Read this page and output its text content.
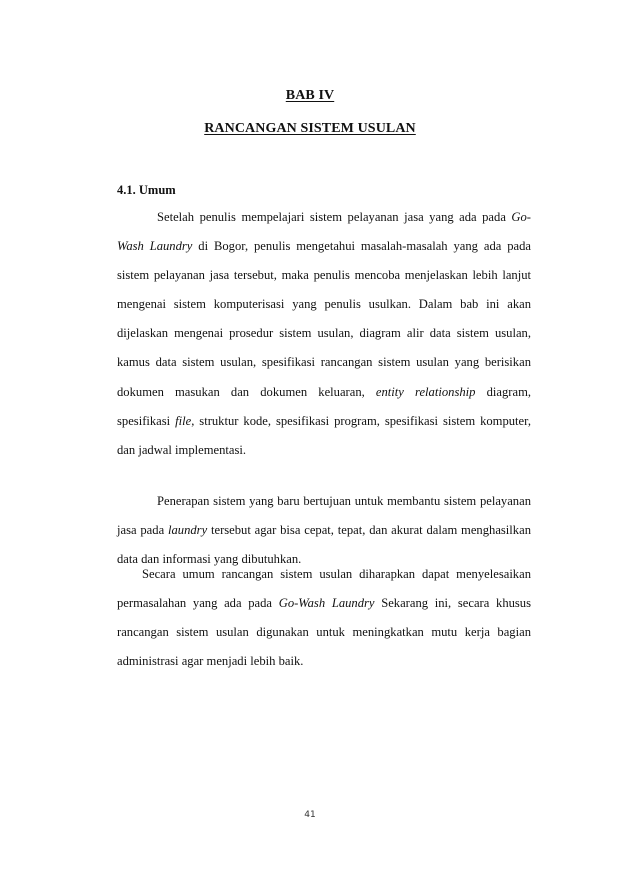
BAB IV
RANCANGAN SISTEM USULAN
4.1. Umum

Setelah penulis mempelajari sistem pelayanan jasa yang ada pada Go-Wash Laundry di Bogor, penulis mengetahui masalah-masalah yang ada pada sistem pelayanan jasa tersebut, maka penulis mencoba menjelaskan lebih lanjut mengenai sistem komputerisasi yang penulis usulkan. Dalam bab ini akan dijelaskan mengenai prosedur sistem usulan, diagram alir data sistem usulan, kamus data sistem usulan, spesifikasi rancangan sistem usulan yang berisikan dokumen masukan dan dokumen keluaran, entity relationship diagram, spesifikasi file, struktur kode, spesifikasi program, spesifikasi sistem komputer, dan jadwal implementasi.

Penerapan sistem yang baru bertujuan untuk membantu sistem pelayanan jasa pada laundry tersebut agar bisa cepat, tepat, dan akurat dalam menghasilkan data dan informasi yang dibutuhkan.

Secara umum rancangan sistem usulan diharapkan dapat menyelesaikan permasalahan yang ada pada Go-Wash Laundry Sekarang ini, secara khusus rancangan sistem usulan digunakan untuk meningkatkan mutu kerja bagian administrasi agar menjadi lebih baik.

41
